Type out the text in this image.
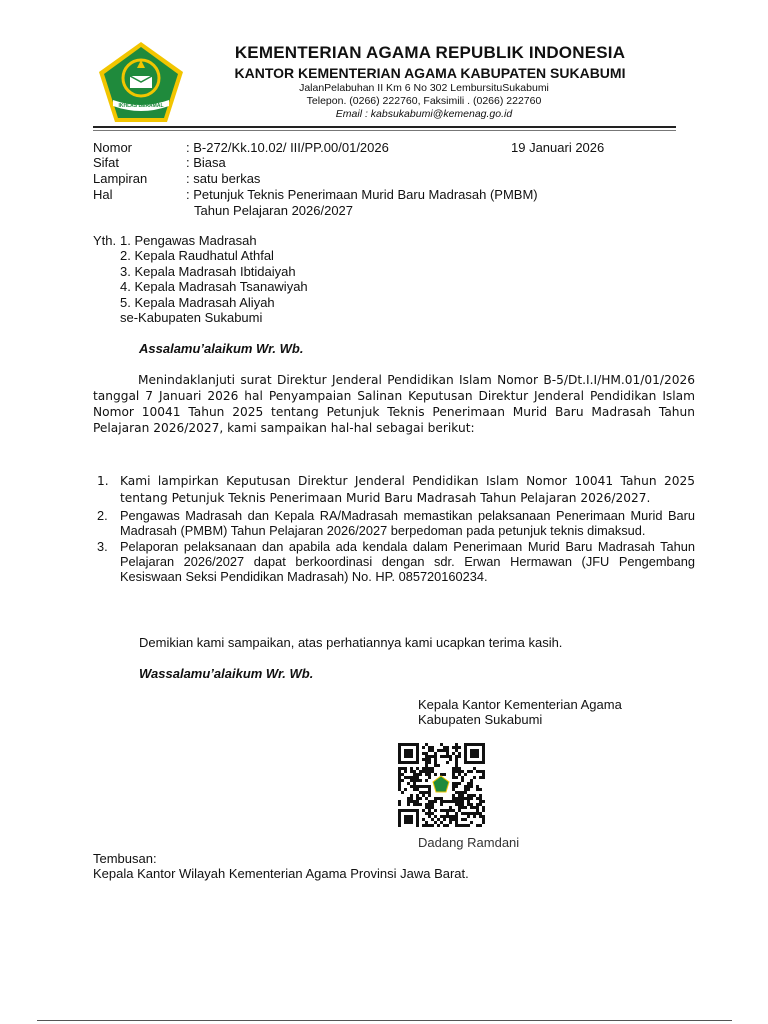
IKHLAS BERAMAL
KEMENTERIAN AGAMA REPUBLIK INDONESIA
KANTOR KEMENTERIAN AGAMA KABUPATEN SUKABUMI
JalanPelabuhan II Km 6 No 302 LembursituSukabumi
Telepon. (0266) 222760, Faksimili . (0266) 222760
Email : kabsukabumi@kemenag.go.id
Nomor	: B-272/Kk.10.02/ III/PP.00/01/2026	19 Januari 2026
Sifat	: Biasa
Lampiran	: satu berkas
Hal	: Petunjuk Teknis Penerimaan Murid Baru Madrasah (PMBM)
Tahun Pelajaran 2026/2027
Yth. 1. Pengawas Madrasah
2. Kepala Raudhatul Athfal
3. Kepala Madrasah Ibtidaiyah
4. Kepala Madrasah Tsanawiyah
5. Kepala Madrasah Aliyah
se-Kabupaten Sukabumi
Assalamu’alaikum Wr. Wb.
Menindaklanjuti surat Direktur Jenderal Pendidikan Islam Nomor B-5/Dt.I.I/HM.01/01/2026 tanggal 7 Januari 2026 hal Penyampaian Salinan Keputusan Direktur Jenderal Pendidikan Islam Nomor 10041 Tahun 2025 tentang Petunjuk Teknis Penerimaan Murid Baru Madrasah Tahun Pelajaran 2026/2027, kami sampaikan hal-hal sebagai berikut:
1. Kami lampirkan Keputusan Direktur Jenderal Pendidikan Islam Nomor 10041 Tahun 2025 tentang Petunjuk Teknis Penerimaan Murid Baru Madrasah Tahun Pelajaran 2026/2027.
2. Pengawas Madrasah dan Kepala RA/Madrasah memastikan pelaksanaan Penerimaan Murid Baru Madrasah (PMBM) Tahun Pelajaran 2026/2027 berpedoman pada petunjuk teknis dimaksud.
3. Pelaporan pelaksanaan dan apabila ada kendala dalam Penerimaan Murid Baru Madrasah Tahun Pelajaran 2026/2027 dapat berkoordinasi dengan sdr. Erwan Hermawan (JFU Pengembang Kesiswaan Seksi Pendidikan Madrasah) No. HP. 085720160234.
Demikian kami sampaikan, atas perhatiannya kami ucapkan terima kasih.
Wassalamu’alaikum Wr. Wb.
Kepala Kantor Kementerian Agama
Kabupaten Sukabumi
Dadang Ramdani
Tembusan:
Kepala Kantor Wilayah Kementerian Agama Provinsi Jawa Barat.
